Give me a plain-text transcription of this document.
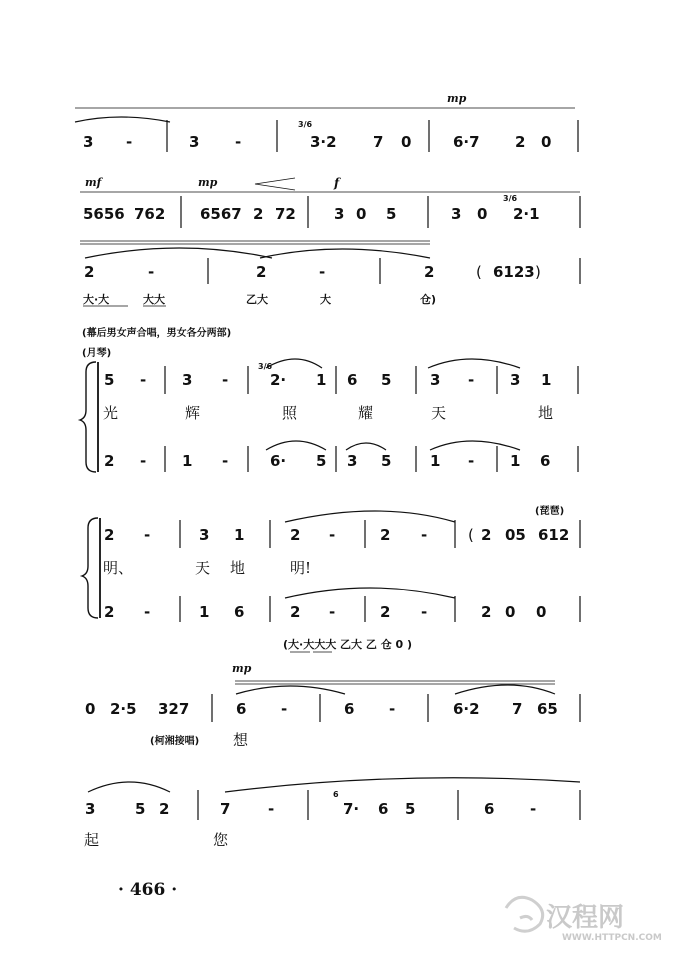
mp
mf	mp	f
mp
3 -	3 -
3/6
3·2 7 0	6·7 2 0
5656 762 6567 2 72	3 0 5	3 0
3/6
2·1
2	-	2	-	2	( 6123 )
大·大	大大	乙大	大	仓)
(幕后男女声合唱，男女各分两部)
(月琴)
5 - 3 -
3/6
2· 1 6 5	3 - 3 1
光	辉	照	耀	天	地
2 - 1 -	6· 5 3 5	1 - 1 6
(琵琶)
2 -	3 1	2 -	2 -	( 2 05 612
明、	天 地	明!
2 -	1 6	2 -	2 -	2 0 0
(大·大大大 乙大 乙 仓 0 )
0 2·5 327	6 -	6 -	6·2 7 65
(柯湘接唱) 想
3	5 2	7	-
6
7· 6 5	6 -
起	您
· 466 ·
汉程网
WWW.HTTPCN.COM
